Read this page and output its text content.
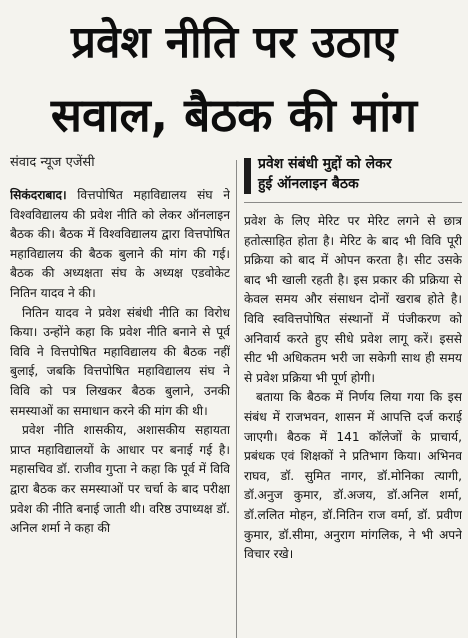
प्रवेश नीति पर उठाए
सवाल, बैठक की मांग
संवाद न्यूज एजेंसी	प्रवेश संबंधी मुद्दों को लेकर
हुई ऑनलाइन बैठक

सिकंदराबाद। वित्तपोषित महाविद्यालय संघ ने विश्वविद्यालय की प्रवेश नीति को लेकर ऑनलाइन बैठक की। बैठक में विश्वविद्यालय द्वारा वित्तपोषित महाविद्यालय की बैठक बुलाने की मांग की गई। बैठक की अध्यक्षता संघ के अध्यक्ष एडवोकेट नितिन यादव ने की।

नितिन यादव ने प्रवेश संबंधी नीति का विरोध किया। उन्होंने कहा कि प्रवेश नीति बनाने से पूर्व विवि ने वित्तपोषित महाविद्यालय की बैठक नहीं बुलाई, जबकि वित्तपोषित महाविद्यालय संघ ने विवि को पत्र लिखकर बैठक बुलाने, उनकी समस्याओं का समाधान करने की मांग की थी।

प्रवेश नीति शासकीय, अशासकीय सहायता प्राप्त महाविद्यालयों के आधार पर बनाई गई है। महासचिव डॉ. राजीव गुप्ता ने कहा कि पूर्व में विवि द्वारा बैठक कर समस्याओं पर चर्चा के बाद परीक्षा प्रवेश की नीति बनाई जाती थी। वरिष्ठ उपाध्यक्ष डॉ. अनिल शर्मा ने कहा की

प्रवेश के लिए मेरिट पर मेरिट लगने से छात्र हतोत्साहित होता है। मेरिट के बाद भी विवि पूरी प्रक्रिया को बाद में ओपन करता है। सीट उसके बाद भी खाली रहती है। इस प्रकार की प्रक्रिया से केवल समय और संसाधन दोनों खराब होते है। विवि स्ववित्तपोषित संस्थानों में पंजीकरण को अनिवार्य करते हुए सीधे प्रवेश लागू करें। इससे सीट भी अधिकतम भरी जा सकेगी साथ ही समय से प्रवेश प्रक्रिया भी पूर्ण होगी।

बताया कि बैठक में निर्णय लिया गया कि इस संबंध में राजभवन, शासन में आपत्ति दर्ज कराई जाएगी। बैठक में 141 कॉलेजों के प्राचार्य, प्रबंधक एवं शिक्षकों ने प्रतिभाग किया। अभिनव राघव, डॉ. सुमित नागर, डॉ.मोनिका त्यागी, डॉ.अनुज कुमार, डॉ.अजय, डॉ.अनिल शर्मा, डॉ.ललित मोहन, डॉ.नितिन राज वर्मा, डॉ. प्रवीण कुमार, डॉ.सीमा, अनुराग मांगलिक, ने भी अपने विचार रखे।
